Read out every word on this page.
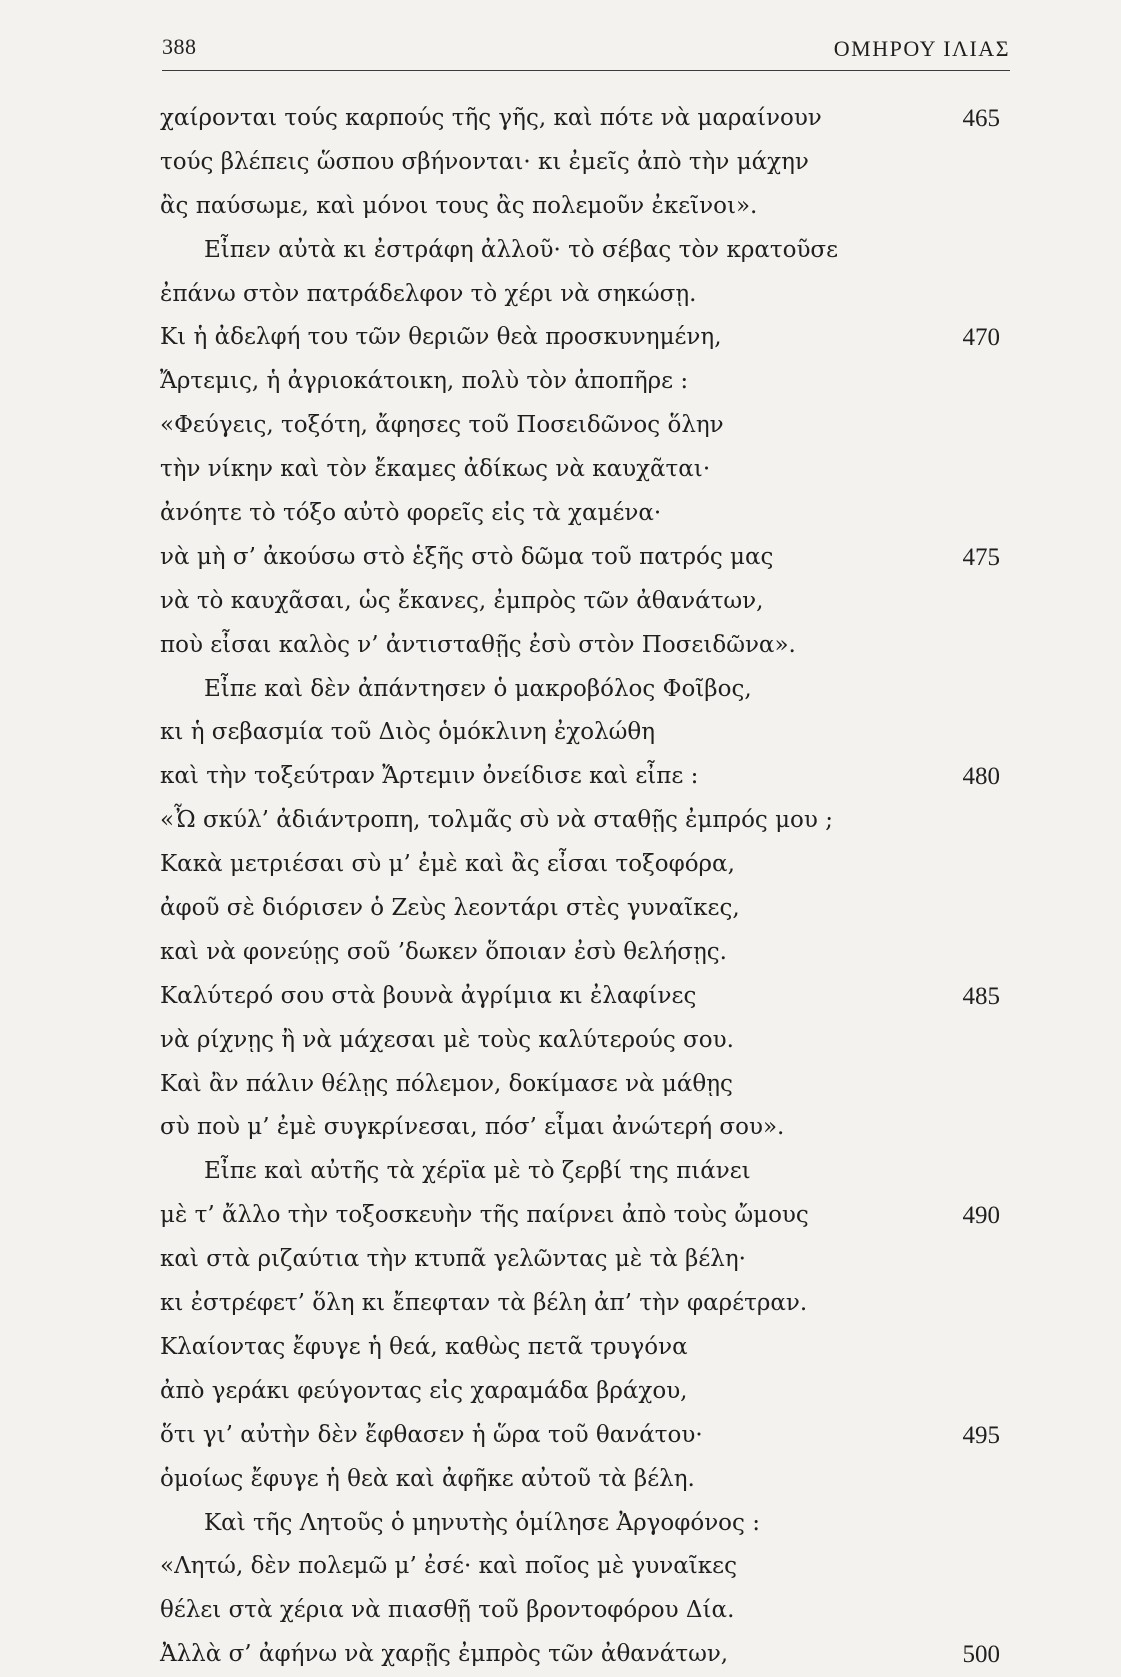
388	ΟΜΗΡΟΥ ΙΛΙΑΣ
χαίρονται τούς καρπούς τῆς γῆς, καὶ πότε νὰ μαραίνουν	465
τούς βλέπεις ὥσπου σβήνονται· κι ἐμεῖς ἀπὸ τὴν μάχην
ἂς παύσωμε, καὶ μόνοι τους ἂς πολεμοῦν ἐκεῖνοι».
Εἶπεν αὐτὰ κι ἐστράφη ἀλλοῦ· τὸ σέβας τὸν κρατοῦσε
ἐπάνω στὸν πατράδελφον τὸ χέρι νὰ σηκώσῃ.
Κι ἡ ἀδελφή του τῶν θεριῶν θεὰ προσκυνημένη,	470
Ἄρτεμις, ἡ ἀγριοκάτοικη, πολὺ τὸν ἀποπῆρε :
«Φεύγεις, τοξότη, ἄφησες τοῦ Ποσειδῶνος ὅλην
τὴν νίκην καὶ τὸν ἔκαμες ἀδίκως νὰ καυχᾶται·
ἀνόητε τὸ τόξο αὐτὸ φορεῖς εἰς τὰ χαμένα·
νὰ μὴ σ’ ἀκούσω στὸ ἑξῆς στὸ δῶμα τοῦ πατρός μας	475
νὰ τὸ καυχᾶσαι, ὡς ἔκανες, ἐμπρὸς τῶν ἀθανάτων,
ποὺ εἶσαι καλὸς ν’ ἀντισταθῇς ἐσὺ στὸν Ποσειδῶνα».
Εἶπε καὶ δὲν ἀπάντησεν ὁ μακροβόλος Φοῖβος,
κι ἡ σεβασμία τοῦ Διὸς ὁμόκλινη ἐχολώθη
καὶ τὴν τοξεύτραν Ἄρτεμιν ὀνείδισε καὶ εἶπε :	480
«Ὦ σκύλ’ ἀδιάντροπη, τολμᾶς σὺ νὰ σταθῇς ἐμπρός μου ;
Κακὰ μετριέσαι σὺ μ’ ἐμὲ καὶ ἂς εἶσαι τοξοφόρα,
ἀφοῦ σὲ διόρισεν ὁ Ζεὺς λεοντάρι στὲς γυναῖκες,
καὶ νὰ φονεύῃς σοῦ ’δωκεν ὅποιαν ἐσὺ θελήσῃς.
Καλύτερό σου στὰ βουνὰ ἀγρίμια κι ἐλαφίνες	485
νὰ ρίχνῃς ἢ νὰ μάχεσαι μὲ τοὺς καλύτερούς σου.
Καὶ ἂν πάλιν θέλῃς πόλεμον, δοκίμασε νὰ μάθῃς
σὺ ποὺ μ’ ἐμὲ συγκρίνεσαι, πόσ’ εἶμαι ἀνώτερή σου».
Εἶπε καὶ αὐτῆς τὰ χέρϊα μὲ τὸ ζερβί της πιάνει
μὲ τ’ ἄλλο τὴν τοξοσκευὴν τῆς παίρνει ἀπὸ τοὺς ὤμους	490
καὶ στὰ ριζαύτια τὴν κτυπᾶ γελῶντας μὲ τὰ βέλη·
κι ἐστρέφετ’ ὅλη κι ἔπεφταν τὰ βέλη ἀπ’ τὴν φαρέτραν.
Κλαίοντας ἔφυγε ἡ θεά, καθὼς πετᾶ τρυγόνα
ἀπὸ γεράκι φεύγοντας εἰς χαραμάδα βράχου,
ὅτι γι’ αὐτὴν δὲν ἔφθασεν ἡ ὥρα τοῦ θανάτου·	495
ὁμοίως ἔφυγε ἡ θεὰ καὶ ἀφῆκε αὐτοῦ τὰ βέλη.
Καὶ τῆς Λητοῦς ὁ μηνυτὴς ὁμίλησε Ἀργοφόνος :
«Λητώ, δὲν πολεμῶ μ’ ἐσέ· καὶ ποῖος μὲ γυναῖκες
θέλει στὰ χέρια νὰ πιασθῇ τοῦ βροντοφόρου Δία.
Ἀλλὰ σ’ ἀφήνω νὰ χαρῇς ἐμπρὸς τῶν ἀθανάτων,	500
